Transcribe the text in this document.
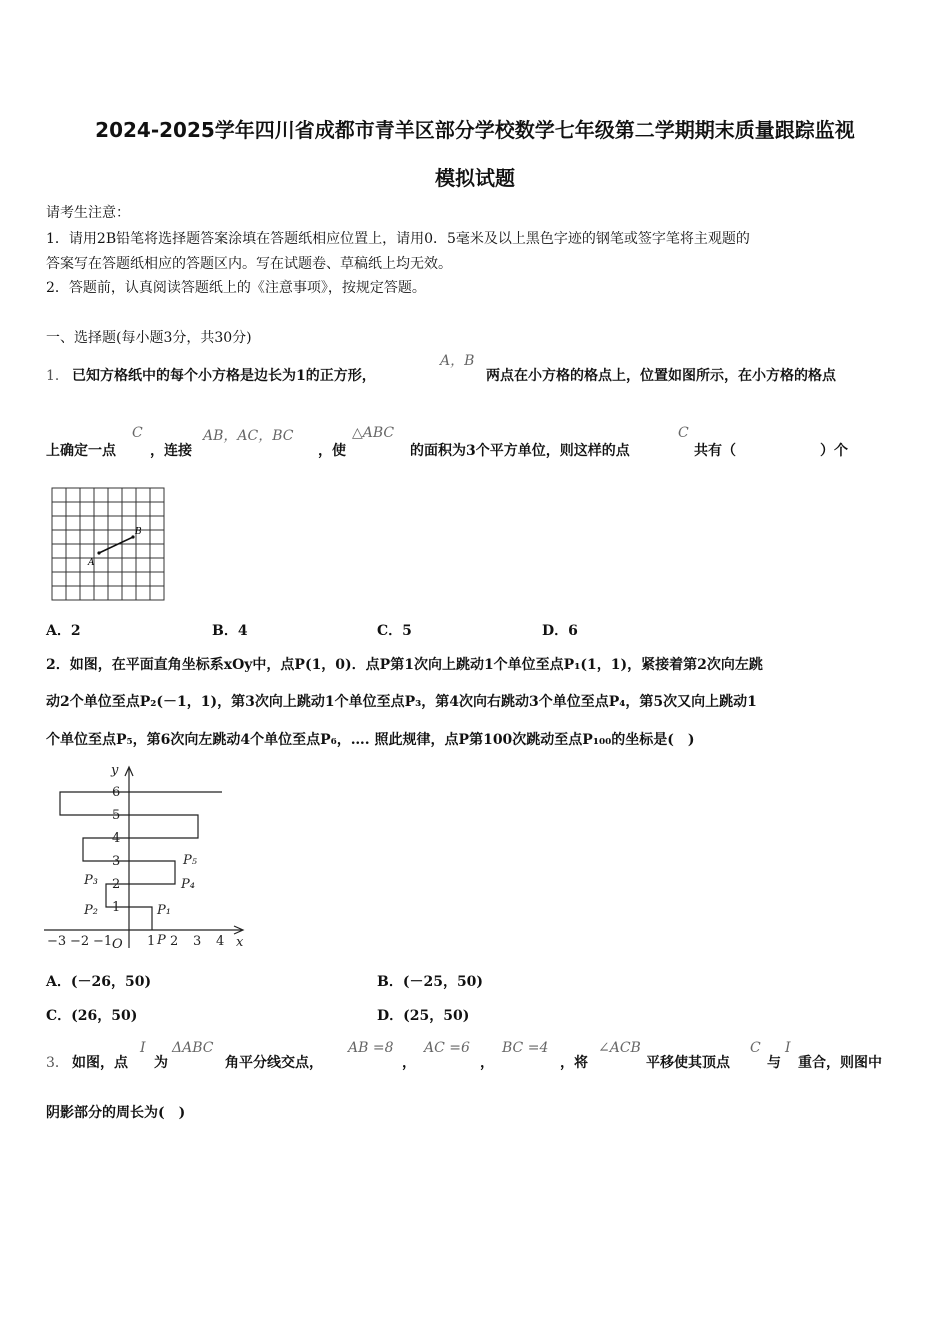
2024-2025学年四川省成都市青羊区部分学校数学七年级第二学期期末质量跟踪监视
模拟试题
请考生注意：
1．请用2B铅笔将选择题答案涂填在答题纸相应位置上，请用0．5毫米及以上黑色字迹的钢笔或签字笔将主观题的
答案写在答题纸相应的答题区内。写在试题卷、草稿纸上均无效。
2．答题前，认真阅读答题纸上的《注意事项》，按规定答题。
一、选择题(每小题3分，共30分)
1． 已知方格纸中的每个小方格是边长为1的正方形，
A，B
两点在小方格的格点上，位置如图所示，在小方格的格点
上确定一点
C
，连接
AB，AC，BC
，使
△ABC
的面积为3个平方单位，则这样的点
C
共有（　　　　　　）个
A
B
A．2	B．4	C．5	D．6
2．如图，在平面直角坐标系xOy中，点P(1，0)．点P第1次向上跳动1个单位至点P₁(1，1)，紧接着第2次向左跳
动2个单位至点P₂(－1，1)，第3次向上跳动1个单位至点P₃，第4次向右跳动3个单位至点P₄，第5次又向上跳动1
个单位至点P₅，第6次向左跳动4个单位至点P₆，…. 照此规律，点P第100次跳动至点P₁₀₀的坐标是(　)
y
x
O	P
6
5
4
3
2
1
−3 −2 −1	1 2 3 4
P₁
P₂
P₃	P₄
P₅
A．(－26，50)	B．(－25，50)
C．(26，50)	D．(25，50)
3． 如图，点
I
为
ΔABC
角平分线交点，
AB =8
，
AC =6
，
BC =4
，将
∠ACB
平移使其顶点
C
与
I
重合，则图中
阴影部分的周长为(　)
